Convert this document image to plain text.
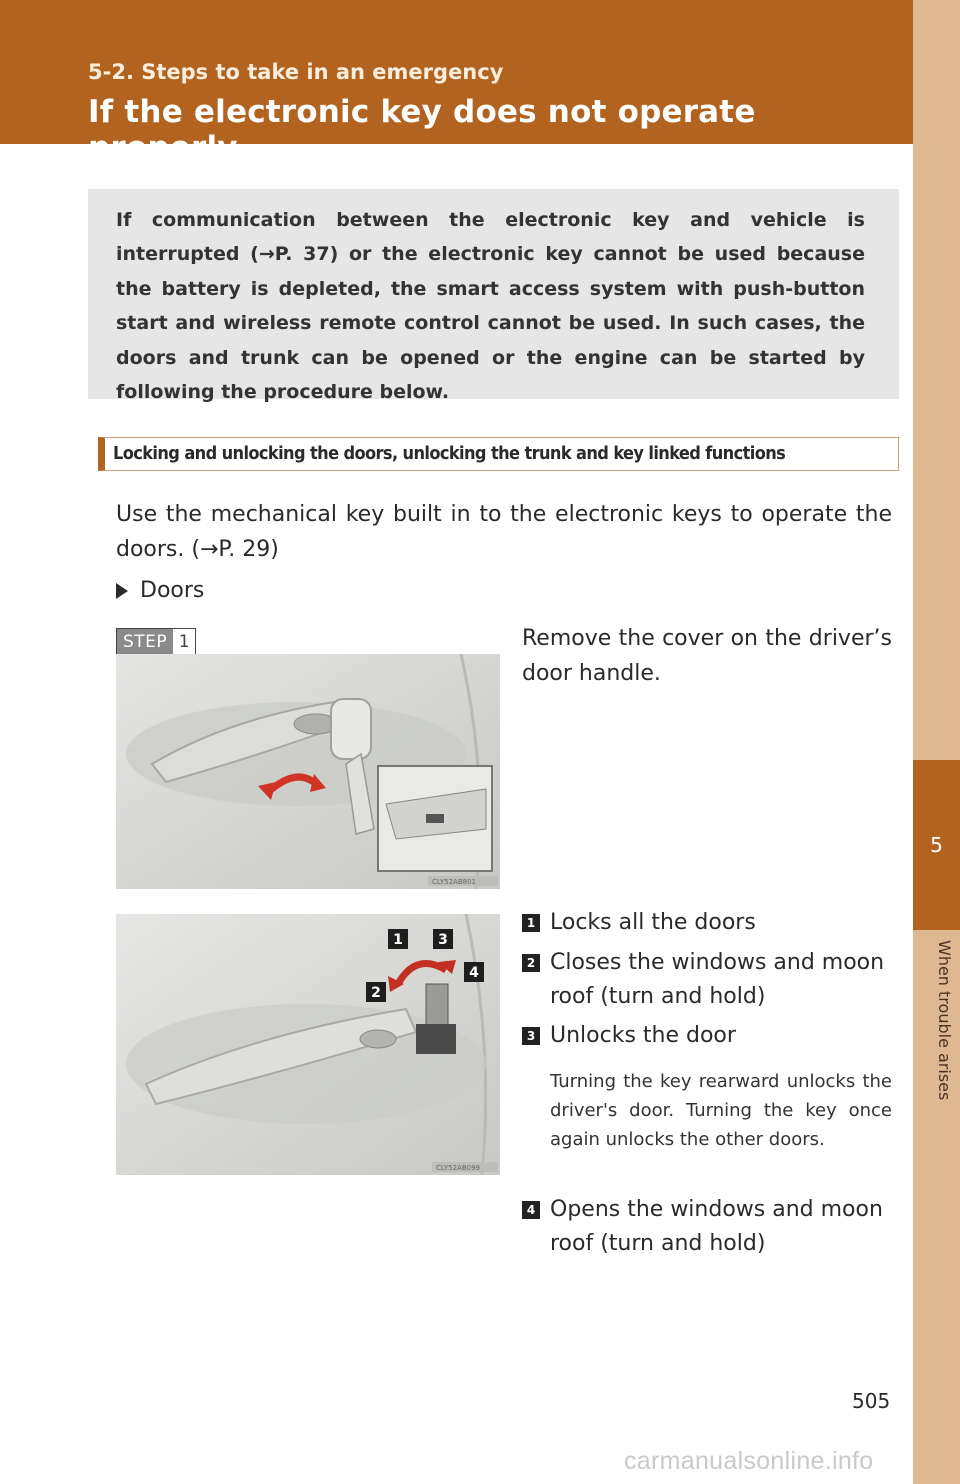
5-2. Steps to take in an emergency
If the electronic key does not operate properly
5
When trouble arises
If communication between the electronic key and vehicle is interrupted (→P. 37) or the electronic key cannot be used because the battery is depleted, the smart access system with push-button start and wireless remote control cannot be used. In such cases, the doors and trunk can be opened or the engine can be started by following the procedure below.
Locking and unlocking the doors, unlocking the trunk and key linked functions
Use the mechanical key built in to the electronic keys to operate the doors. (→P. 29)
Doors
STEP 1
CLY52AB801
Remove the cover on the driver’s door handle.
1	3
2
4
CLY52AB099
1 Locks all the doors
2 Closes the windows and moon roof (turn and hold)
3 Unlocks the door
4 Opens the windows and moon roof (turn and hold)
Turning the key rearward unlocks the driver's door. Turning the key once again unlocks the other doors.
505
carmanualsonline.info
